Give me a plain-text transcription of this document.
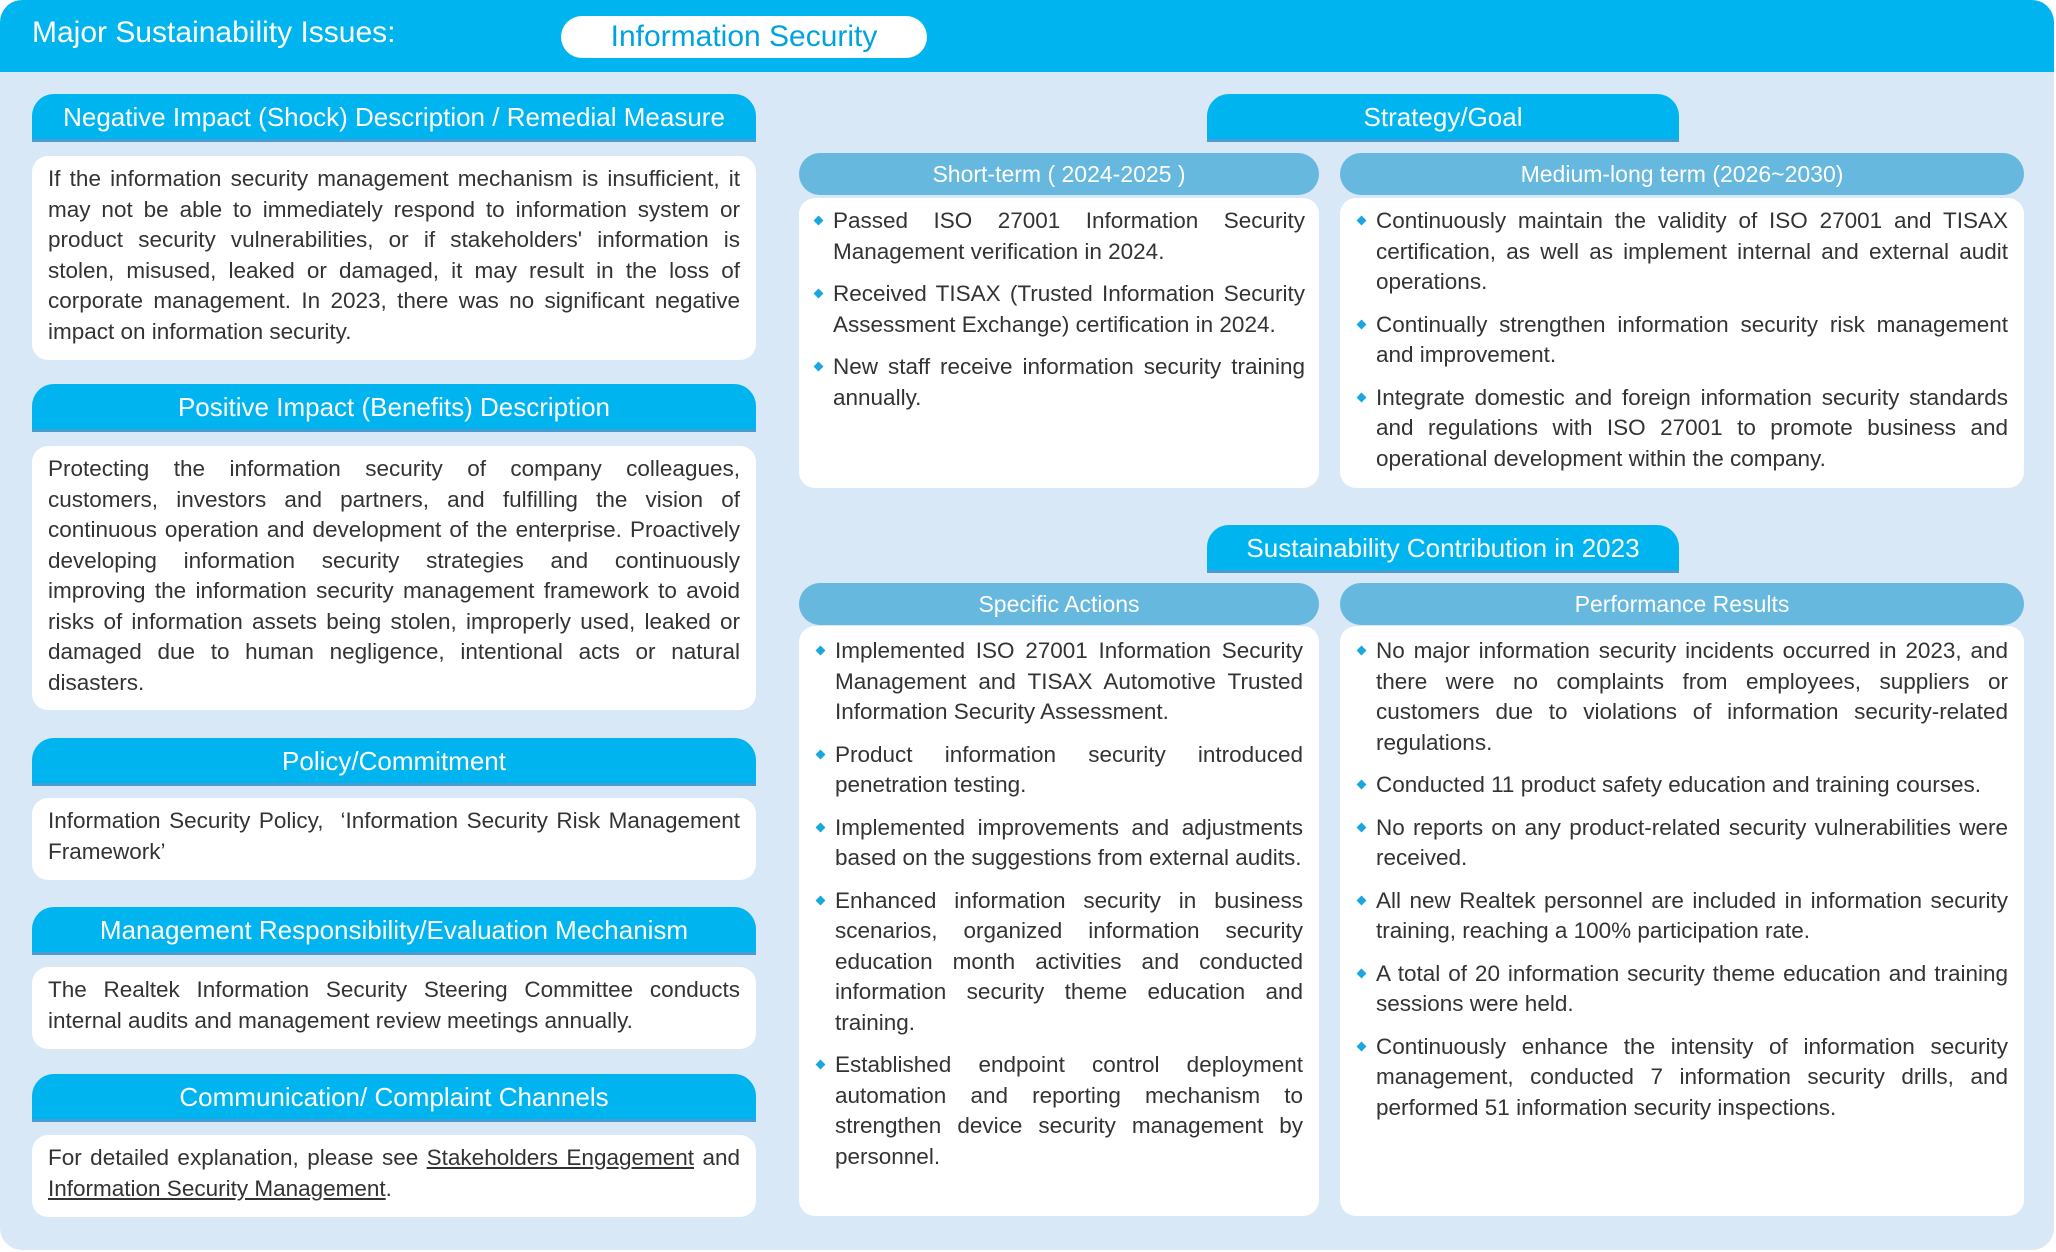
Major Sustainability Issues:	Information Security
Negative Impact (Shock) Description / Remedial Measure

If the information security management mechanism is insufficient, it may not be able to immediately respond to information system or product security vulnerabilities, or if stakeholders' information is stolen, misused, leaked or damaged, it may result in the loss of corporate management. In 2023, there was no significant negative impact on information security.

Positive Impact (Benefits) Description

Protecting the information security of company colleagues, customers, investors and partners, and fulfilling the vision of continuous operation and development of the enterprise. Proactively developing information security strategies and continuously improving the information security management framework to avoid risks of information assets being stolen, improperly used, leaked or damaged due to human negligence, intentional acts or natural disasters.

Policy/Commitment

Information Security Policy,  ‘Information Security Risk Management Framework’

Management Responsibility/Evaluation Mechanism

The Realtek Information Security Steering Committee conducts internal audits and management review meetings annually.

Communication/ Complaint Channels

For detailed explanation, please see Stakeholders Engagement and Information Security Management.

Strategy/Goal
Short-term ( 2024-2025 )
Passed ISO 27001 Information Security Management verification in 2024.
Received TISAX (Trusted Information Security Assessment Exchange) certification in 2024.
New staff receive information security training annually.
Medium-long term (2026~2030)
Continuously maintain the validity of ISO 27001 and TISAX certification, as well as implement internal and external audit operations.
Continually strengthen information security risk management and improvement.
Integrate domestic and foreign information security standards and regulations with ISO 27001 to promote business and operational development within the company.
Sustainability Contribution in 2023
Specific Actions
Implemented ISO 27001 Information Security Management and TISAX Automotive Trusted Information Security Assessment.
Product information security introduced penetration testing.
Implemented improvements and adjustments based on the suggestions from external audits.
Enhanced information security in business scenarios, organized information security education month activities and conducted information security theme education and training.
Established endpoint control deployment automation and reporting mechanism to strengthen device security management by personnel.
Performance Results
No major information security incidents occurred in 2023, and there were no complaints from employees, suppliers or customers due to violations of information security-related regulations.
Conducted 11 product safety education and training courses.
No reports on any product-related security vulnerabilities were received.
All new Realtek personnel are included in information security training, reaching a 100% participation rate.
A total of 20 information security theme education and training sessions were held.
Continuously enhance the intensity of information security management, conducted 7 information security drills, and performed 51 information security inspections.
